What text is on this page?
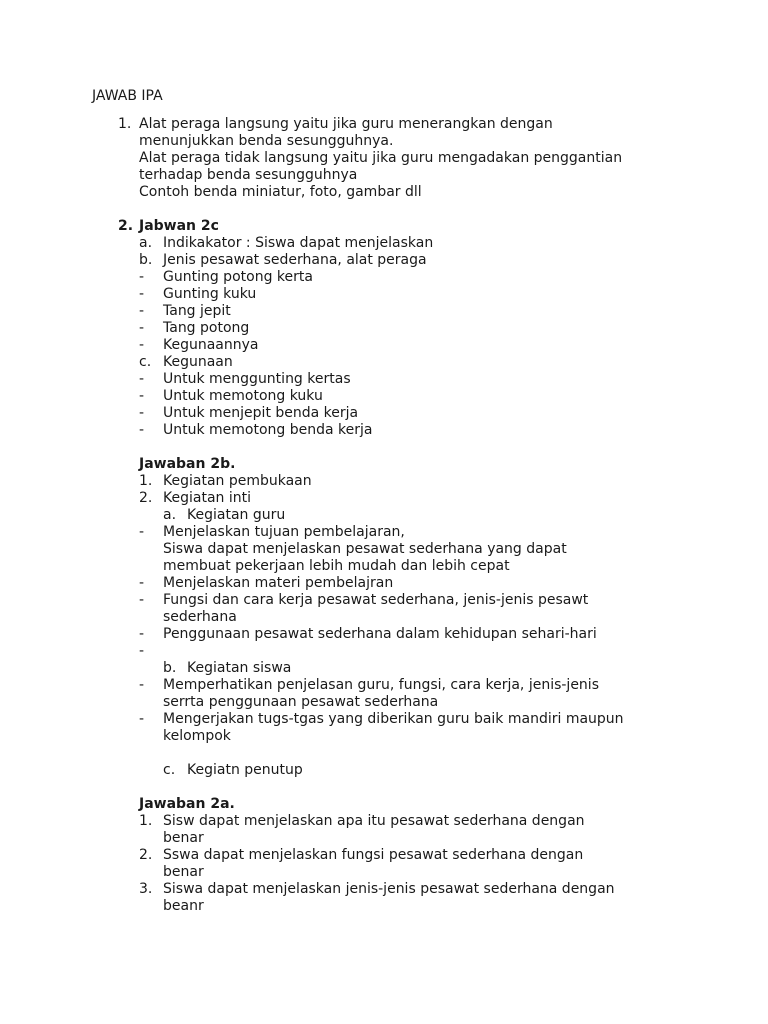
JAWAB IPA
1. Alat peraga langsung yaitu jika guru menerangkan dengan
menunjukkan benda sesungguhnya.
Alat peraga tidak langsung yaitu jika guru mengadakan penggantian
terhadap benda sesungguhnya
Contoh benda miniatur, foto, gambar dll
2. Jabwan 2c
a. Indikakator : Siswa dapat menjelaskan
b. Jenis pesawat sederhana, alat peraga
- Gunting potong kerta
- Gunting kuku
- Tang jepit
- Tang potong
- Kegunaannya
c. Kegunaan
- Untuk menggunting kertas
- Untuk memotong kuku
- Untuk menjepit benda kerja
- Untuk memotong benda kerja
Jawaban 2b.
1. Kegiatan pembukaan
2. Kegiatan inti
a. Kegiatan guru
- Menjelaskan tujuan pembelajaran,
Siswa dapat menjelaskan pesawat sederhana yang dapat
membuat pekerjaan lebih mudah dan lebih cepat
- Menjelaskan materi pembelajran
- Fungsi dan cara kerja pesawat sederhana, jenis-jenis pesawt
sederhana
- Penggunaan pesawat sederhana dalam kehidupan sehari-hari
-
b. Kegiatan siswa
- Memperhatikan penjelasan guru, fungsi, cara kerja, jenis-jenis
serrta penggunaan pesawat sederhana
- Mengerjakan tugs-tgas yang diberikan guru baik mandiri maupun
kelompok
c. Kegiatn penutup
Jawaban 2a.
1. Sisw dapat menjelaskan apa itu pesawat sederhana dengan
benar
2. Sswa dapat menjelaskan fungsi pesawat sederhana dengan
benar
3. Siswa dapat menjelaskan jenis-jenis pesawat sederhana dengan
beanr
